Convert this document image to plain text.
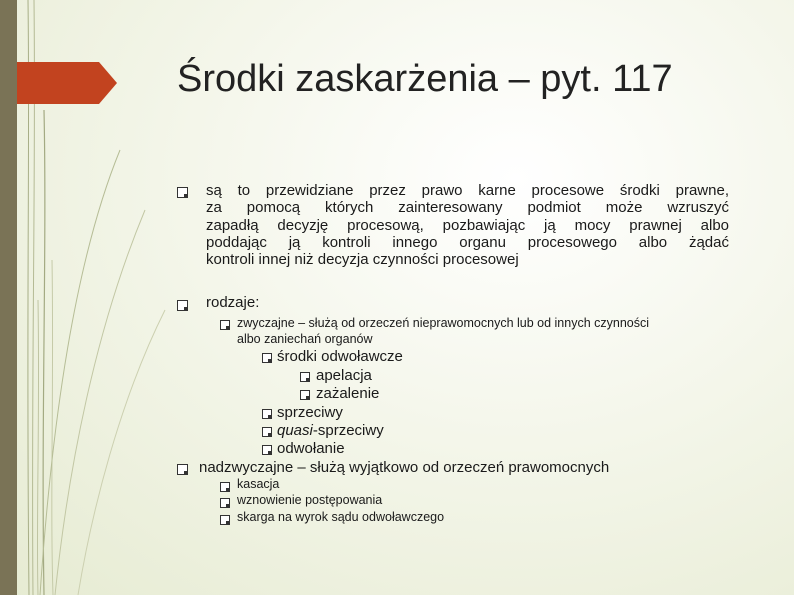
Środki zaskarżenia – pyt. 117
są to przewidziane przez prawo karne procesowe środki prawne,
za pomocą których zainteresowany podmiot może wzruszyć
zapadłą decyzję procesową, pozbawiając ją mocy prawnej albo
poddając ją kontroli innego organu procesowego albo żądać
kontroli innej niż decyzja czynności procesowej
rodzaje:
zwyczajne – służą od orzeczeń nieprawomocnych lub od innych czynności
albo zaniechań organów
środki odwoławcze
apelacja
zażalenie
sprzeciwy
quasi-sprzeciwy
odwołanie
nadzwyczajne – służą wyjątkowo od orzeczeń prawomocnych
kasacja
wznowienie postępowania
skarga na wyrok sądu odwoławczego
